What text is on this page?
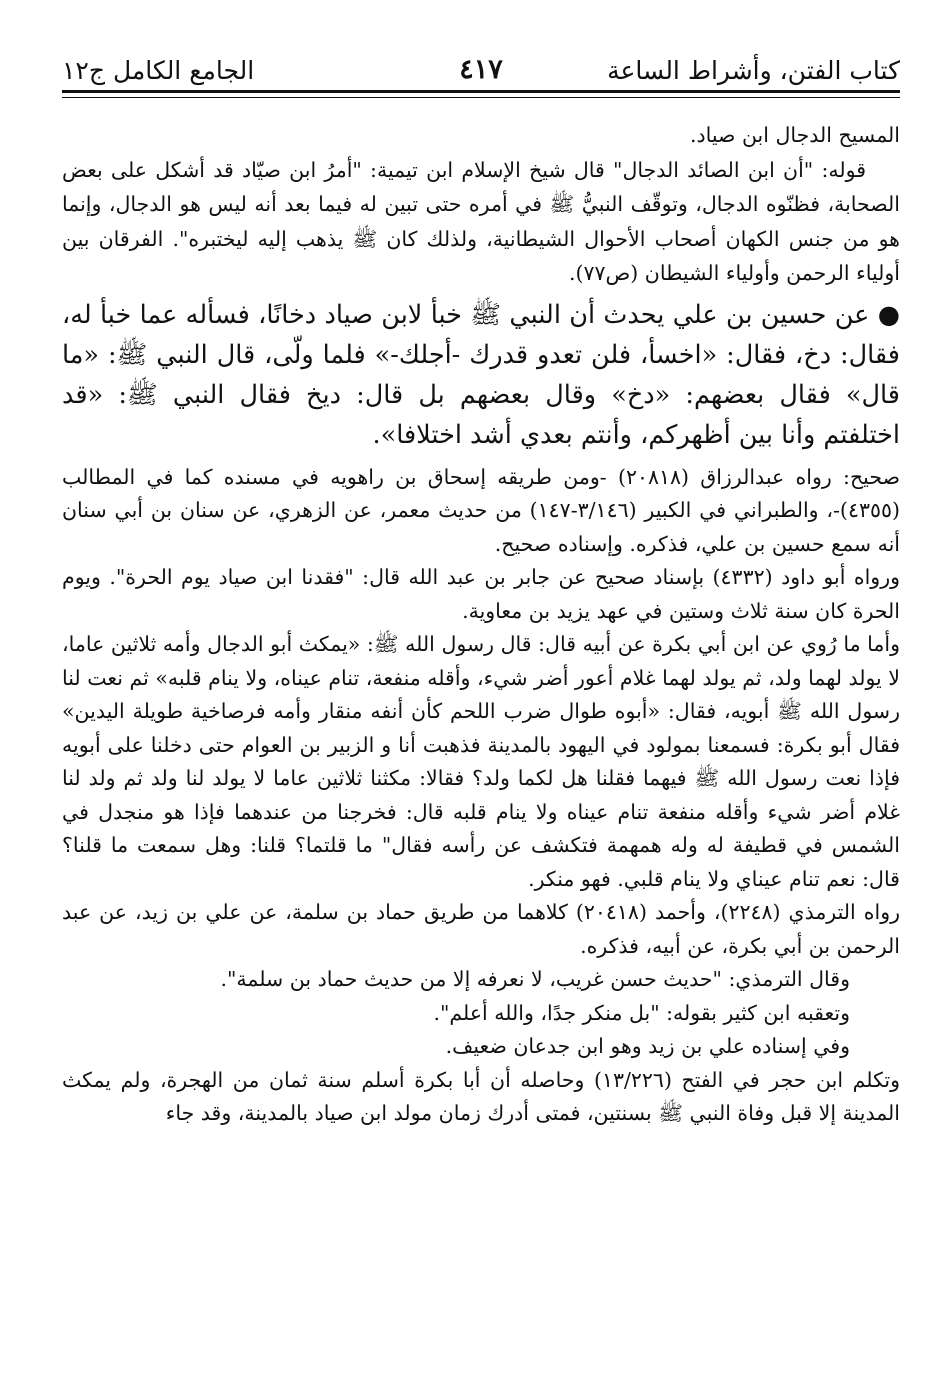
كتاب الفتن، وأشراط الساعة
٤١٧
الجامع الكامل ج١٢

المسيح الدجال ابن صياد.

قوله: "أن ابن الصائد الدجال" قال شيخ الإسلام ابن تيمية: "أمرُ ابن صيّاد قد أشكل على بعض الصحابة، فظنّوه الدجال، وتوقّف النبيُّ ﷺ في أمره حتى تبين له فيما بعد أنه ليس هو الدجال، وإنما هو من جنس الكهان أصحاب الأحوال الشيطانية، ولذلك كان ﷺ يذهب إليه ليختبره". الفرقان بين أولياء الرحمن وأولياء الشيطان (ص٧٧).

● عن حسين بن علي يحدث أن النبي ﷺ خبأ لابن صياد دخانًا، فسأله عما خبأ له، فقال: دخ، فقال: «اخسأ، فلن تعدو قدرك -أجلك-» فلما ولّى، قال النبي ﷺ: «ما قال» فقال بعضهم: «دخ» وقال بعضهم بل قال: ديخ فقال النبي ﷺ: «قد اختلفتم وأنا بين أظهركم، وأنتم بعدي أشد اختلافا».

صحيح: رواه عبدالرزاق (٢٠٨١٨) -ومن طريقه إسحاق بن راهويه في مسنده كما في المطالب (٤٣٥٥)-، والطبراني في الكبير (٣/١٤٦-١٤٧) من حديث معمر، عن الزهري، عن سنان بن أبي سنان أنه سمع حسين بن علي، فذكره. وإسناده صحيح.

ورواه أبو داود (٤٣٣٢) بإسناد صحيح عن جابر بن عبد الله قال: "فقدنا ابن صياد يوم الحرة". ويوم الحرة كان سنة ثلاث وستين في عهد يزيد بن معاوية.

وأما ما رُوي عن ابن أبي بكرة عن أبيه قال: قال رسول الله ﷺ: «يمكث أبو الدجال وأمه ثلاثين عاما، لا يولد لهما ولد، ثم يولد لهما غلام أعور أضر شيء، وأقله منفعة، تنام عيناه، ولا ينام قلبه» ثم نعت لنا رسول الله ﷺ أبويه، فقال: «أبوه طوال ضرب اللحم كأن أنفه منقار وأمه فرصاخية طويلة اليدين» فقال أبو بكرة: فسمعنا بمولود في اليهود بالمدينة فذهبت أنا و الزبير بن العوام حتى دخلنا على أبويه فإذا نعت رسول الله ﷺ فيهما فقلنا هل لكما ولد؟ فقالا: مكثنا ثلاثين عاما لا يولد لنا ولد ثم ولد لنا غلام أضر شيء وأقله منفعة تنام عيناه ولا ينام قلبه قال: فخرجنا من عندهما فإذا هو منجدل في الشمس في قطيفة له وله همهمة فتكشف عن رأسه فقال" ما قلتما؟ قلنا: وهل سمعت ما قلنا؟ قال: نعم تنام عيناي ولا ينام قلبي. فهو منكر.

رواه الترمذي (٢٢٤٨)، وأحمد (٢٠٤١٨) كلاهما من طريق حماد بن سلمة، عن علي بن زيد، عن عبد الرحمن بن أبي بكرة، عن أبيه، فذكره.

وقال الترمذي: "حديث حسن غريب، لا نعرفه إلا من حديث حماد بن سلمة".

وتعقبه ابن كثير بقوله: "بل منكر جدًا، والله أعلم".

وفي إسناده علي بن زيد وهو ابن جدعان ضعيف.

وتكلم ابن حجر في الفتح (١٣/٢٢٦) وحاصله أن أبا بكرة أسلم سنة ثمان من الهجرة، ولم يمكث المدينة إلا قبل وفاة النبي ﷺ بسنتين، فمتى أدرك زمان مولد ابن صياد بالمدينة، وقد جاء
